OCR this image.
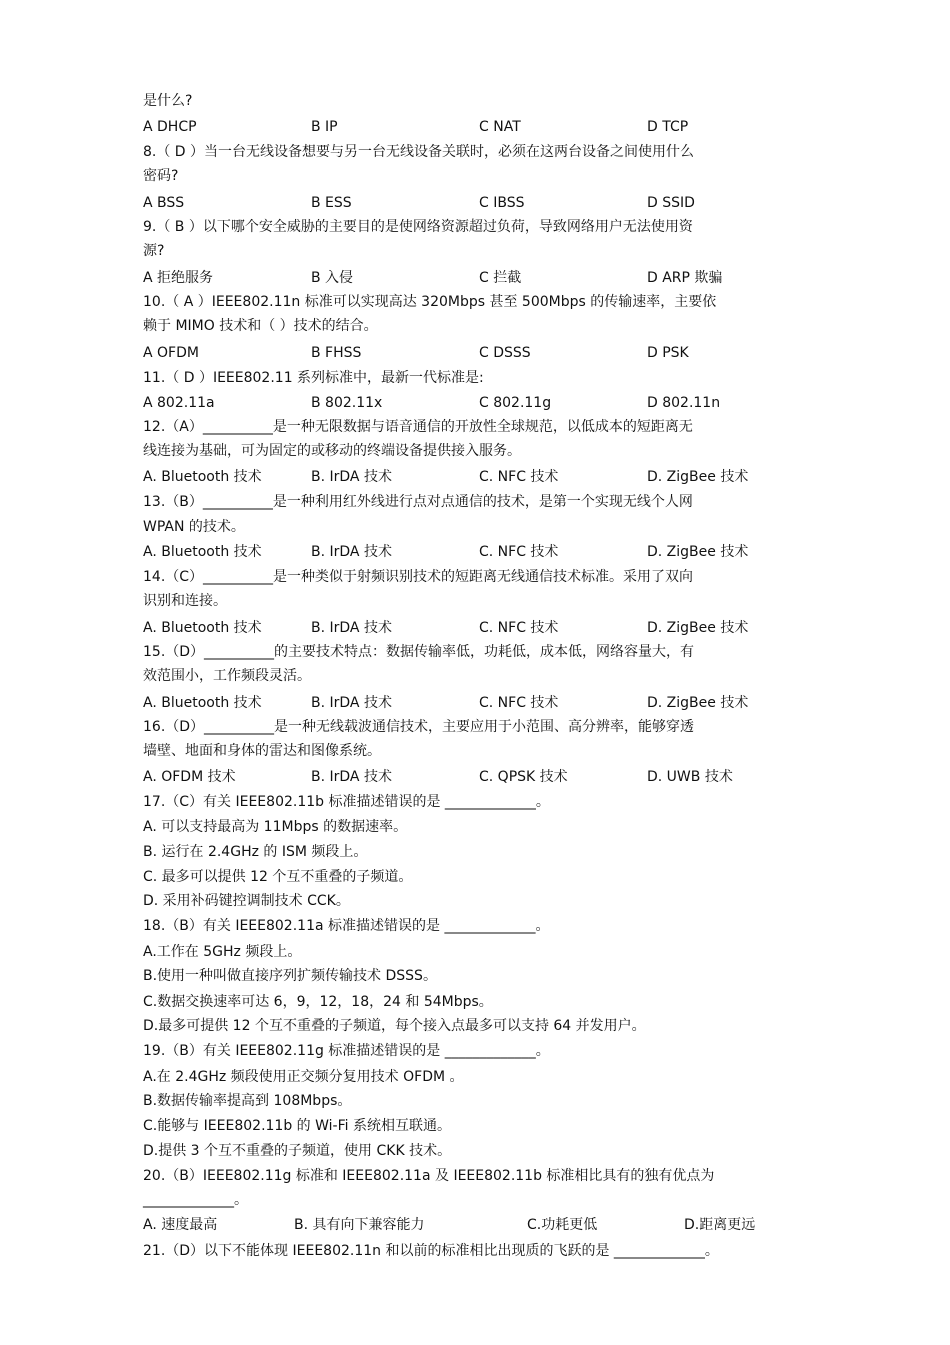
是什么?
A DHCP	B IP	C NAT	D TCP
8.（ D ）当一台无线设备想要与另一台无线设备关联时，必须在这两台设备之间使用什么
密码?
A BSS	B ESS	C IBSS	D SSID
9.（ B ）以下哪个安全威胁的主要目的是使网络资源超过负荷，导致网络用户无法使用资
源?
A 拒绝服务	B 入侵	C 拦截	D ARP 欺骗
10.（ A ）IEEE802.11n 标准可以实现高达 320Mbps 甚至 500Mbps 的传输速率，主要依
赖于 MIMO 技术和（ ）技术的结合。
A OFDM	B FHSS	C DSSS	D PSK
11.（ D ）IEEE802.11 系列标准中，最新一代标准是:
A 802.11a	B 802.11x	C 802.11g	D 802.11n
12.（A）__________是一种无限数据与语音通信的开放性全球规范，以低成本的短距离无
线连接为基础，可为固定的或移动的终端设备提供接入服务。
A. Bluetooth 技术	B. IrDA 技术	C. NFC 技术	D. ZigBee 技术
13.（B）__________是一种利用红外线进行点对点通信的技术，是第一个实现无线个人网
WPAN 的技术。
A. Bluetooth 技术	B. IrDA 技术	C. NFC 技术	D. ZigBee 技术
14.（C）__________是一种类似于射频识别技术的短距离无线通信技术标准。采用了双向
识别和连接。
A. Bluetooth 技术	B. IrDA 技术	C. NFC 技术	D. ZigBee 技术
15.（D）__________的主要技术特点：数据传输率低，功耗低，成本低，网络容量大，有
效范围小，工作频段灵活。
A. Bluetooth 技术	B. IrDA 技术	C. NFC 技术	D. ZigBee 技术
16.（D）__________是一种无线载波通信技术，主要应用于小范围、高分辨率，能够穿透
墙壁、地面和身体的雷达和图像系统。
A. OFDM 技术	B. IrDA 技术	C. QPSK 技术	D. UWB 技术
17.（C）有关 IEEE802.11b 标准描述错误的是 _____________。
A. 可以支持最高为 11Mbps 的数据速率。
B. 运行在 2.4GHz 的 ISM 频段上。
C. 最多可以提供 12 个互不重叠的子频道。
D. 采用补码键控调制技术 CCK。
18.（B）有关 IEEE802.11a 标准描述错误的是 _____________。
A.工作在 5GHz 频段上。
B.使用一种叫做直接序列扩频传输技术 DSSS。
C.数据交换速率可达 6，9，12，18，24 和 54Mbps。
D.最多可提供 12 个互不重叠的子频道，每个接入点最多可以支持 64 并发用户。
19.（B）有关 IEEE802.11g 标准描述错误的是 _____________。
A.在 2.4GHz 频段使用正交频分复用技术 OFDM 。
B.数据传输率提高到 108Mbps。
C.能够与 IEEE802.11b 的 Wi-Fi 系统相互联通。
D.提供 3 个互不重叠的子频道，使用 CKK 技术。
20.（B）IEEE802.11g 标准和 IEEE802.11a 及 IEEE802.11b 标准相比具有的独有优点为
_____________。
A. 速度最高	B. 具有向下兼容能力	C.功耗更低	D.距离更远
21.（D）以下不能体现 IEEE802.11n 和以前的标准相比出现质的飞跃的是 _____________。
